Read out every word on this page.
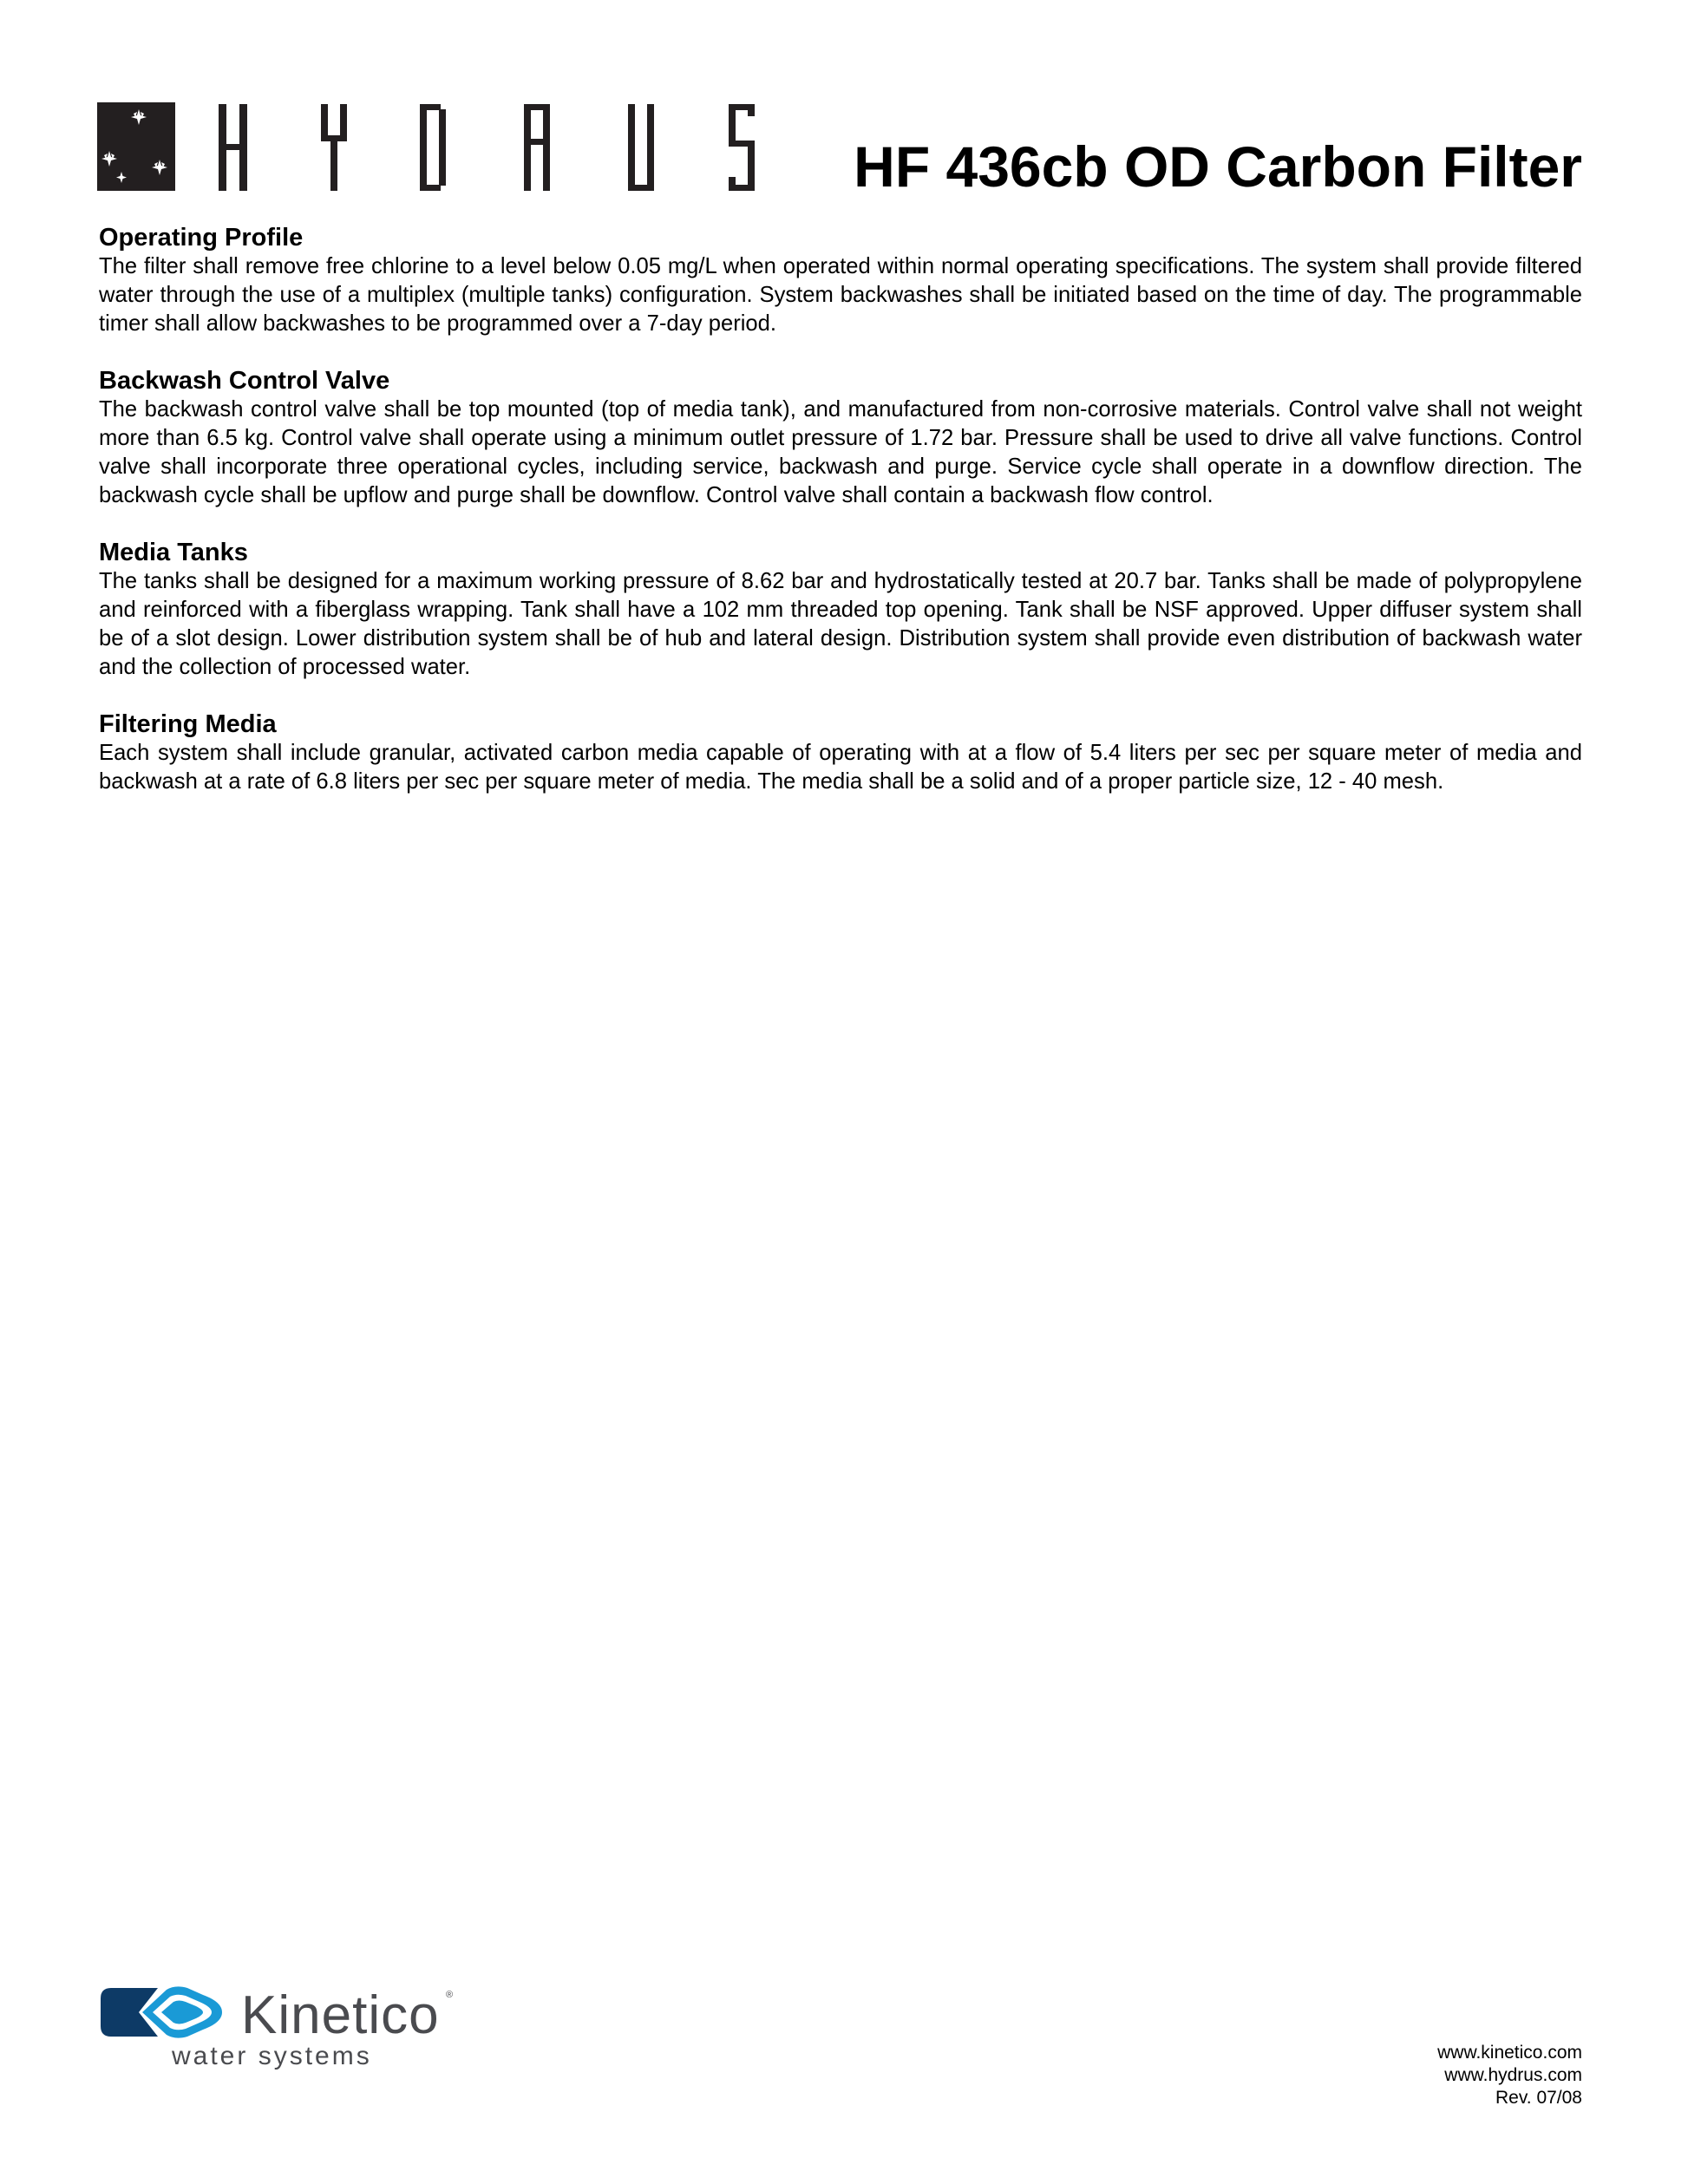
HF 436cb OD Carbon Filter
Operating Profile

The filter shall remove free chlorine to a level below 0.05 mg/L when operated within normal operating specifications. The system shall provide filtered water through the use of a multiplex (multiple tanks) configuration. System backwashes shall be initiated based on the time of day. The programmable timer shall allow backwashes to be programmed over a 7-day period.

Backwash Control Valve

The backwash control valve shall be top mounted (top of media tank), and manufactured from non-corrosive materials. Control valve shall not weight more than 6.5 kg. Control valve shall operate using a minimum outlet pressure of 1.72 bar. Pressure shall be used to drive all valve functions. Control valve shall incorporate three operational cycles, including service, backwash and purge. Service cycle shall operate in a downflow direction. The backwash cycle shall be upflow and purge shall be downflow. Control valve shall contain a backwash flow control.

Media Tanks

The tanks shall be designed for a maximum working pressure of 8.62 bar and hydrostatically tested at 20.7 bar. Tanks shall be made of polypropylene and reinforced with a fiberglass wrapping. Tank shall have a 102 mm threaded top opening. Tank shall be NSF approved. Upper diffuser system shall be of a slot design. Lower distribution system shall be of hub and lateral design. Distribution system shall provide even distribution of backwash water and the collection of processed water.

Filtering Media

Each system shall include granular, activated carbon media capable of operating with at a flow of 5.4 liters per sec per square meter of media and backwash at a rate of 6.8 liters per sec per square meter of media. The media shall be a solid and of a proper particle size, 12 - 40 mesh.

Kinetico ®
water systems	www.kinetico.com
www.hydrus.com
Rev. 07/08
